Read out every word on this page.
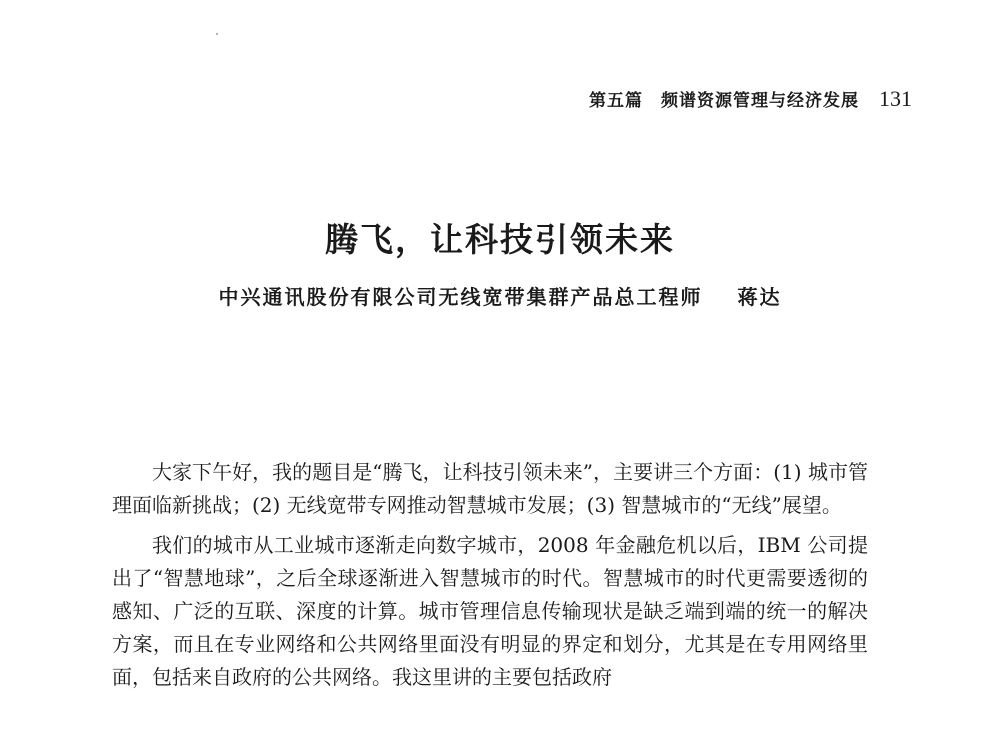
第五篇 频谱资源管理与经济发展 131
腾飞，让科技引领未来
中兴通讯股份有限公司无线宽带集群产品总工程师 蒋达

大家下午好，我的题目是“腾飞，让科技引领未来”，主要讲三个方面：(1) 城市管理面临新挑战；(2) 无线宽带专网推动智慧城市发展；(3) 智慧城市的“无线”展望。

我们的城市从工业城市逐渐走向数字城市，2008 年金融危机以后，IBM 公司提出了“智慧地球”，之后全球逐渐进入智慧城市的时代。智慧城市的时代更需要透彻的感知、广泛的互联、深度的计算。城市管理信息传输现状是缺乏端到端的统一的解决方案，而且在专业网络和公共网络里面没有明显的界定和划分，尤其是在专用网络里面，包括来自政府的公共网络。我这里讲的主要包括政府
